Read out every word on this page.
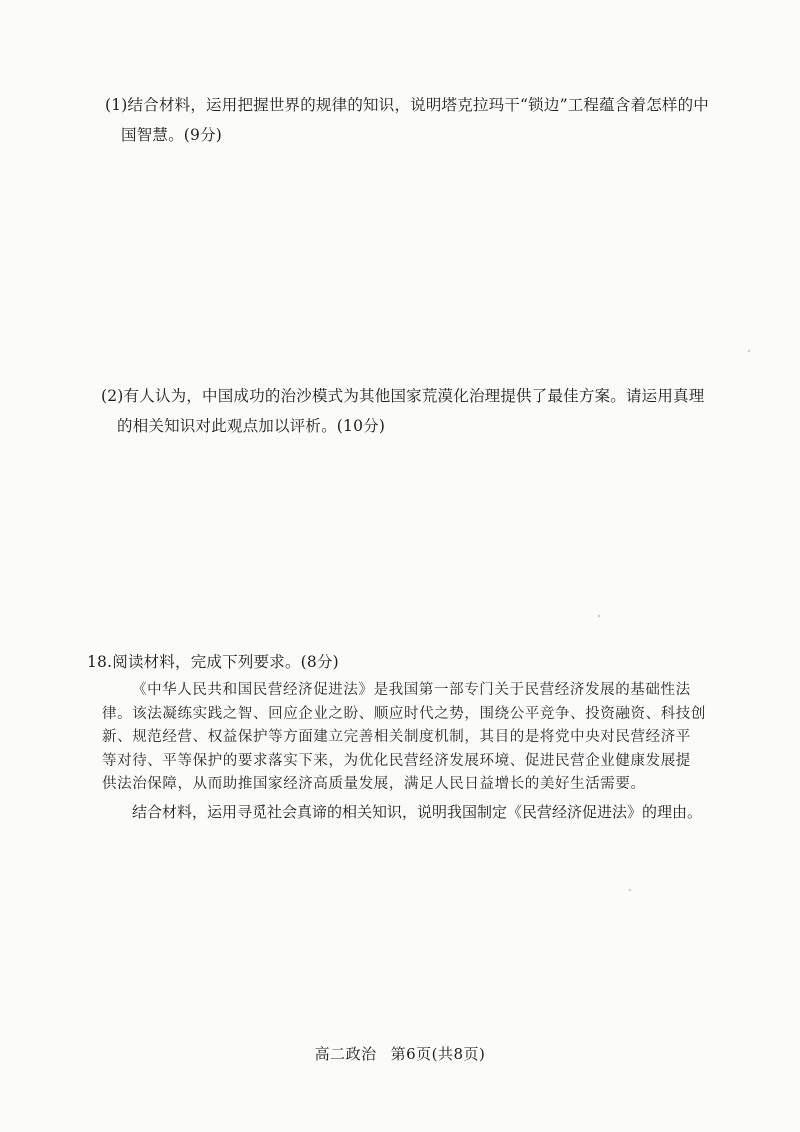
(1)结合材料，运用把握世界的规律的知识，说明塔克拉玛干“锁边”工程蕴含着怎样的中
国智慧。(9分)
(2)有人认为，中国成功的治沙模式为其他国家荒漠化治理提供了最佳方案。请运用真理
的相关知识对此观点加以评析。(10分)
18.阅读材料，完成下列要求。(8分)
《中华人民共和国民营经济促进法》是我国第一部专门关于民营经济发展的基础性法
律。该法凝练实践之智、回应企业之盼、顺应时代之势，围绕公平竞争、投资融资、科技创
新、规范经营、权益保护等方面建立完善相关制度机制，其目的是将党中央对民营经济平
等对待、平等保护的要求落实下来，为优化民营经济发展环境、促进民营企业健康发展提
供法治保障，从而助推国家经济高质量发展，满足人民日益增长的美好生活需要。
结合材料，运用寻觅社会真谛的相关知识，说明我国制定《民营经济促进法》的理由。
高二政治 第6页(共8页)
